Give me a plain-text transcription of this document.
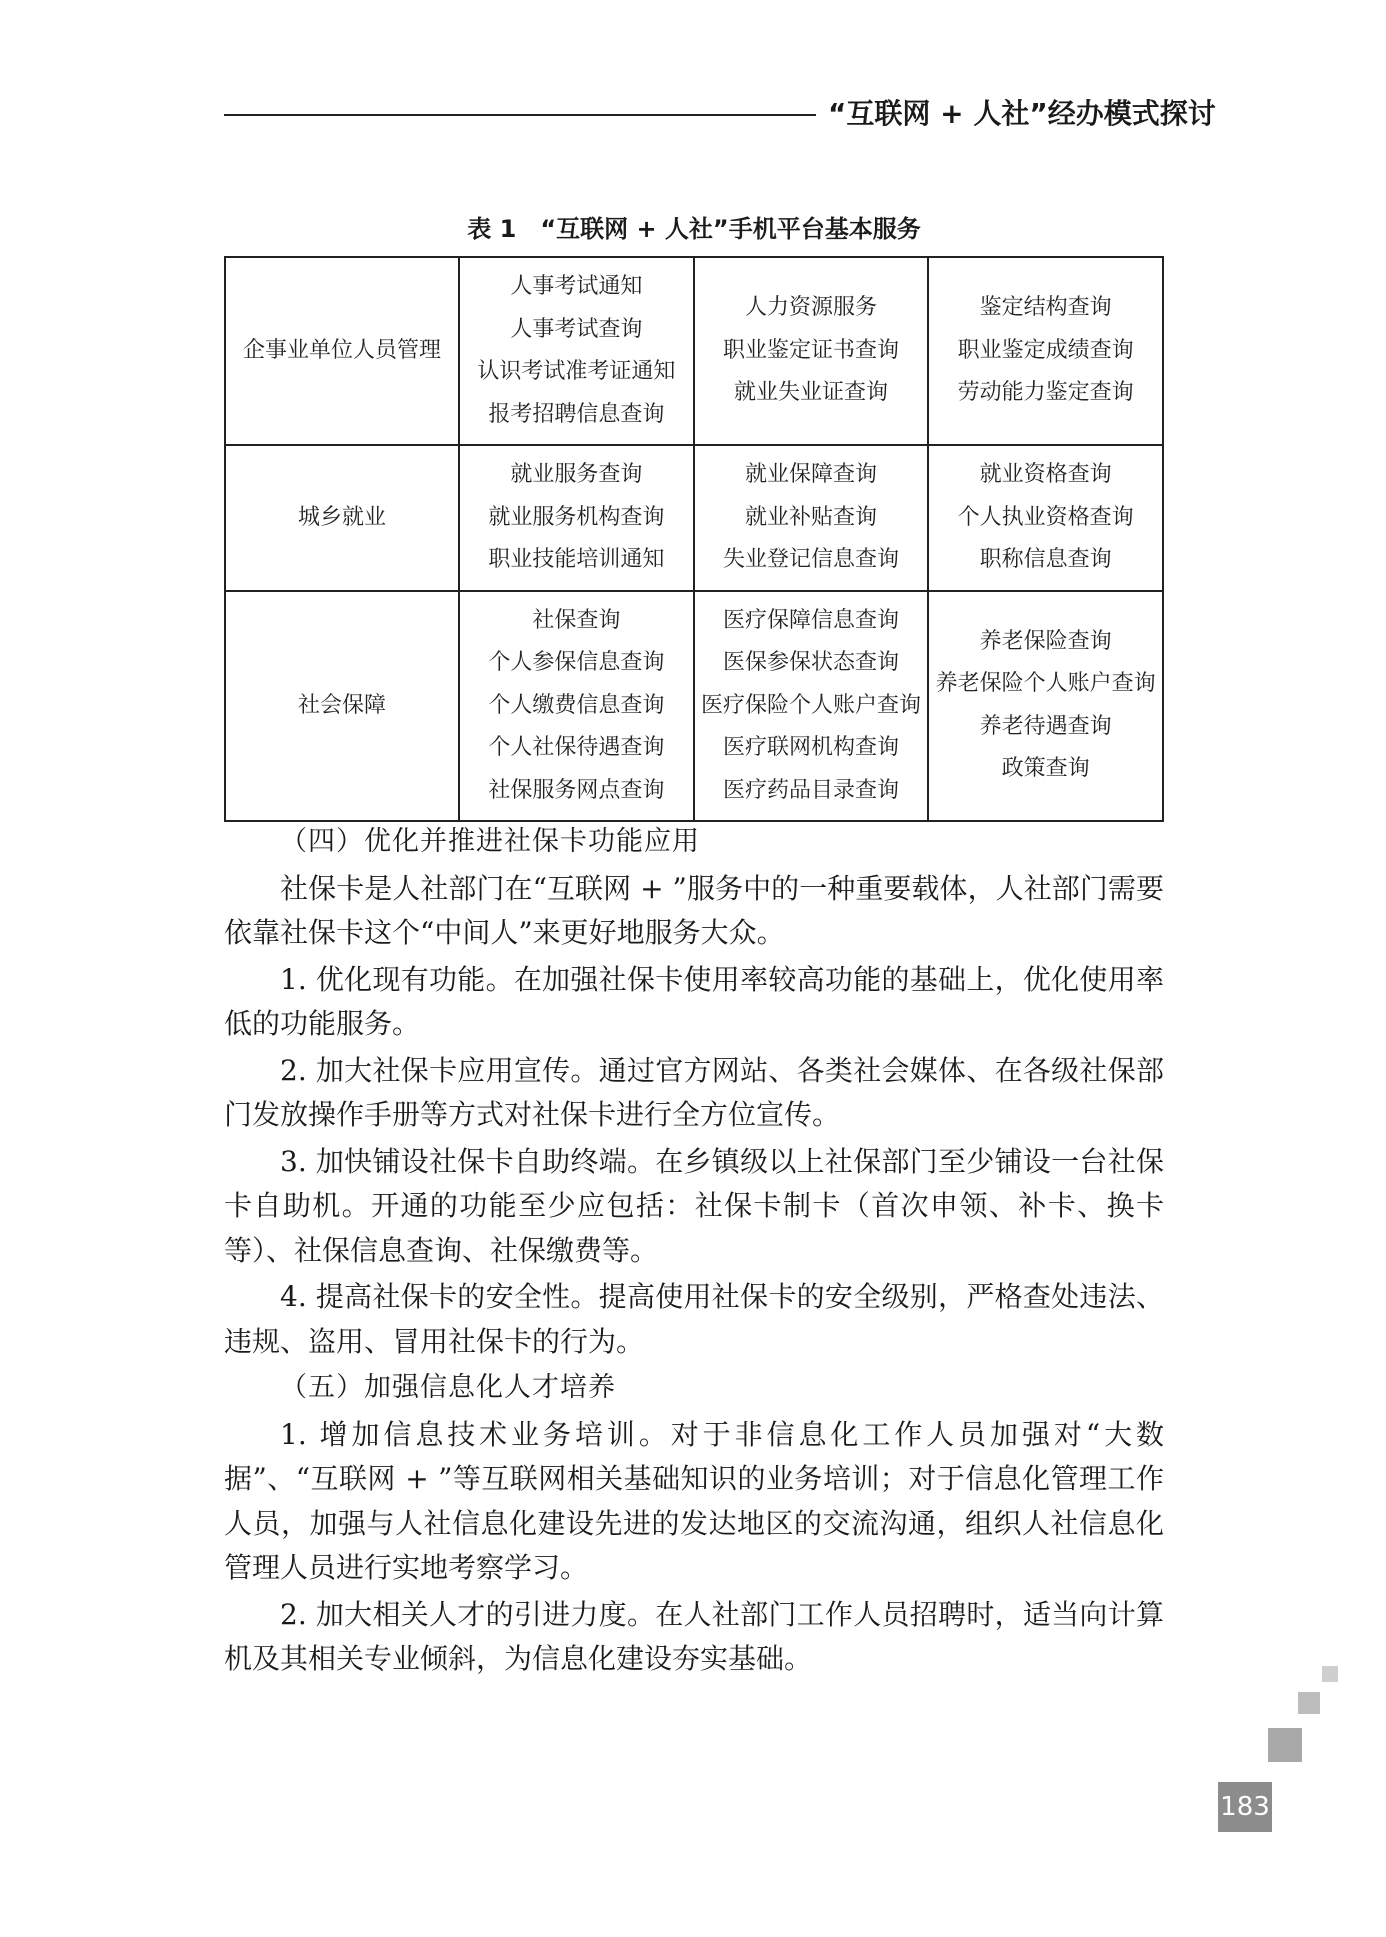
“互联网 + 人社”经办模式探讨
表 1　“互联网 + 人社”手机平台基本服务
企事业单位人员管理	人事考试通知
人事考试查询
认识考试准考证通知
报考招聘信息查询	人力资源服务
职业鉴定证书查询
就业失业证查询	鉴定结构查询
职业鉴定成绩查询
劳动能力鉴定查询

城乡就业	就业服务查询
就业服务机构查询
职业技能培训通知	就业保障查询
就业补贴查询
失业登记信息查询	就业资格查询
个人执业资格查询
职称信息查询

社会保障	社保查询
个人参保信息查询
个人缴费信息查询
个人社保待遇查询
社保服务网点查询	医疗保障信息查询
医保参保状态查询
医疗保险个人账户查询
医疗联网机构查询
医疗药品目录查询	养老保险查询
养老保险个人账户查询
养老待遇查询
政策查询

（四）优化并推进社保卡功能应用

社保卡是人社部门在“互联网 + ”服务中的一种重要载体，人社部门需要依靠社保卡这个“中间人”来更好地服务大众。

1. 优化现有功能。在加强社保卡使用率较高功能的基础上，优化使用率低的功能服务。

2. 加大社保卡应用宣传。通过官方网站、各类社会媒体、在各级社保部门发放操作手册等方式对社保卡进行全方位宣传。

3. 加快铺设社保卡自助终端。在乡镇级以上社保部门至少铺设一台社保卡自助机。开通的功能至少应包括：社保卡制卡（首次申领、补卡、换卡等）、社保信息查询、社保缴费等。

4. 提高社保卡的安全性。提高使用社保卡的安全级别，严格查处违法、违规、盗用、冒用社保卡的行为。

（五）加强信息化人才培养

1. 增加信息技术业务培训。对于非信息化工作人员加强对“大数据”、“互联网 + ”等互联网相关基础知识的业务培训；对于信息化管理工作人员，加强与人社信息化建设先进的发达地区的交流沟通，组织人社信息化管理人员进行实地考察学习。

2. 加大相关人才的引进力度。在人社部门工作人员招聘时，适当向计算机及其相关专业倾斜，为信息化建设夯实基础。

183
